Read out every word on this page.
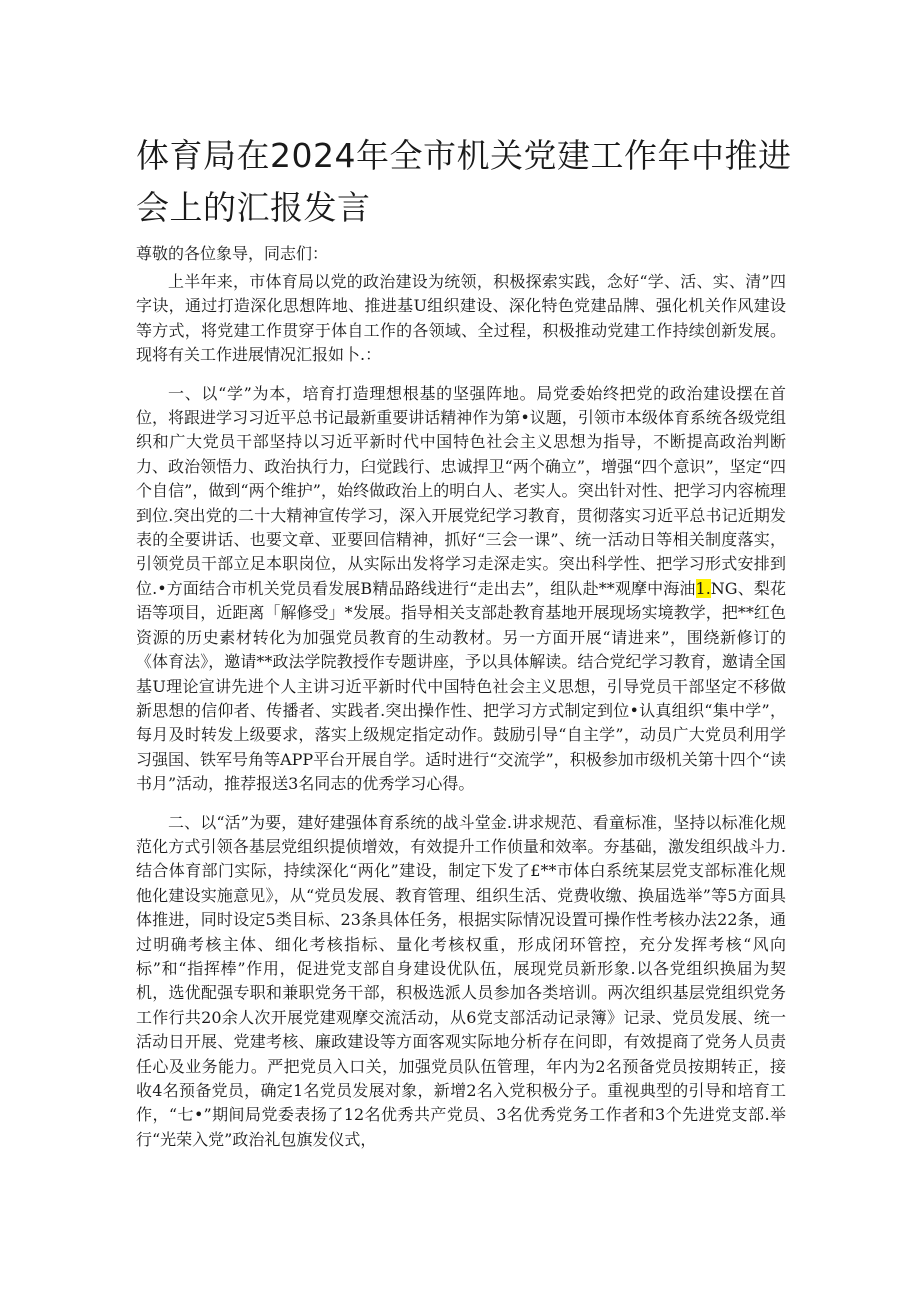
体育局在2024年全市机关党建工作年中推进会上的汇报发言

尊敬的各位象导，同志们：

上半年来，市体育局以党的政治建设为统领，积极探索实践，念好“学、活、实、清”四字诀，通过打造深化思想阵地、推进基U组织建设、深化特色党建品牌、强化机关作风建设等方式，将党建工作贯穿于体自工作的各领域、全过程，积极推动党建工作持续创新发展。现将有关工作进展情况汇报如卜.：

一、以“学”为本，培育打造理想根基的坚强阵地。局党委始终把党的政治建设摆在首位，将跟进学习习近平总书记最新重要讲话精神作为第•议题，引领市本级体育系统各级党组织和广大党员干部坚持以习近平新时代中国特色社会主义思想为指导，不断提高政治判断力、政治领悟力、政治执行力，臼觉践行、忠诚捍卫“两个确立”，增强“四个意识”，坚定“四个自信”，做到“两个维护”，始终做政治上的明白人、老实人。突出针对性、把学习内容梳理到位.突出党的二十大精神宣传学习，深入开展党纪学习教育，贯彻落实习近平总书记近期发表的全要讲话、也要文章、亚要回信精神，抓好“三会一课”、统一活动日等相关制度落实，引领党员干部立足本职岗位，从实际出发将学习走深走实。突出科学性、把学习形式安排到位.•方面结合市机关党员看发展B精品路线进行“走出去”，组队赴**观摩中海油1.NG、梨花语等项目，近距离「解修受」*发展。指导相关支部赴教育基地开展现场实境教学，把**红色资源的历史素材转化为加强党员教育的生动教材。另一方面开展“请进来”，围绕新修订的《体育法》，邀请**政法学院教授作专题讲座，予以具体解读。结合党纪学习教育，邀请全国基U理论宣讲先进个人主讲习近平新时代中国特色社会主义思想，引导党员干部坚定不移做新思想的信仰者、传播者、实践者.突出操作性、把学习方式制定到位•认真组织“集中学”，每月及时转发上级要求，落实上级规定指定动作。鼓励引导“自主学”，动员广大党员利用学习强国、铁军号角等APP平台开展自学。适时进行“交流学”，积极参加市级机关第十四个“读书月”活动，推荐报送3名同志的优秀学习心得。

二、以“活”为要，建好建强体育系统的战斗堂金.讲求规范、看童标准，坚持以标准化规范化方式引领各基层党组织提侦增效，有效提升工作侦量和效率。夯基础，激发组织战斗力.结合体育部门实际，持续深化“两化”建设，制定下发了£**市体白系统某层党支部标准化规他化建设实施意见》，从“党员发展、教育管理、组织生活、党费收缴、换届选举”等5方面具体推进，同时设定5类目标、23条具体任务，根据实际情况设置可操作性考核办法22条，通过明确考核主体、细化考核指标、量化考核权重，形成闭环管控，充分发挥考核“风向标”和“指挥棒”作用，促进党支部自身建设优队伍，展现党员新形象.以各党组织换届为契机，选优配强专职和兼职党务干部，积极选派人员参加各类培训。两次组织基层党组织党务工作行共20余人次开展党建观摩交流活动，从6党支部活动记录簿》记录、党员发展、统一活动日开展、党建考核、廉政建设等方面客观实际地分析存在问即，有效提商了党务人员责任心及业务能力。严把党员入口关，加强党员队伍管理，年内为2名预备党员按期转正，接收4名预备党员，确定1名党员发展对象，新增2名入党积极分子。重视典型的引导和培育工作，“七•”期间局党委表扬了12名优秀共产党员、3名优秀党务工作者和3个先进党支部.举行“光荣入党”政治礼包旗发仪式，
